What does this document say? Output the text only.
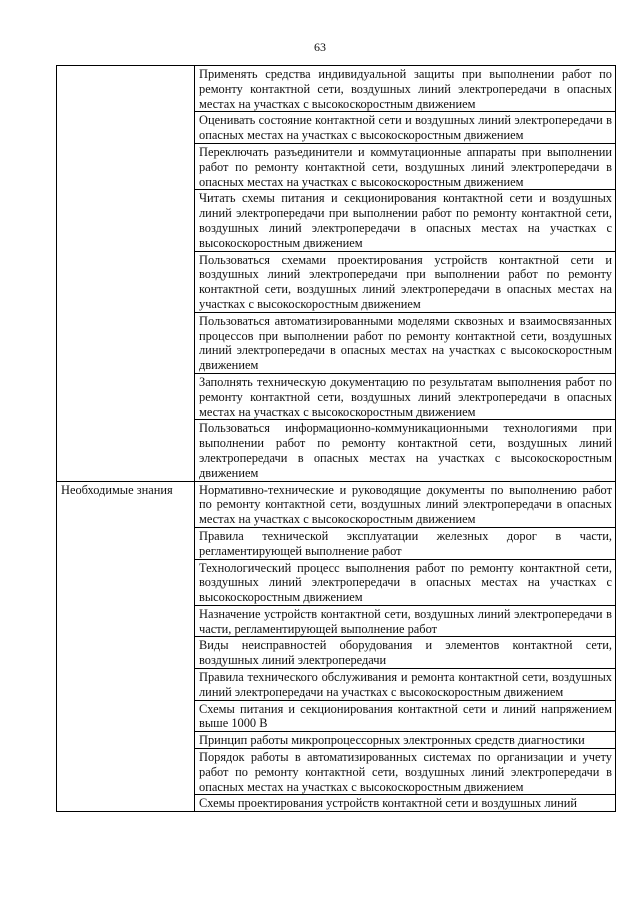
63
	Применять средства индивидуальной защиты при выполнении работ по ремонту контактной сети, воздушных линий электропередачи в опасных местах на участках с высокоскоростным движением
	Оценивать состояние контактной сети и воздушных линий электропередачи в опасных местах на участках с высокоскоростным движением
	Переключать разъединители и коммутационные аппараты при выполнении работ по ремонту контактной сети, воздушных линий электропередачи в опасных местах на участках с высокоскоростным движением
	Читать схемы питания и секционирования контактной сети и воздушных линий электропередачи при выполнении работ по ремонту контактной сети, воздушных линий электропередачи в опасных местах на участках с высокоскоростным движением
	Пользоваться схемами проектирования устройств контактной сети и воздушных линий электропередачи при выполнении работ по ремонту контактной сети, воздушных линий электропередачи в опасных местах на участках с высокоскоростным движением
	Пользоваться автоматизированными моделями сквозных и взаимосвязанных процессов при выполнении работ по ремонту контактной сети, воздушных линий электропередачи в опасных местах на участках с высокоскоростным движением
	Заполнять техническую документацию по результатам выполнения работ по ремонту контактной сети, воздушных линий электропередачи в опасных местах на участках с высокоскоростным движением
	Пользоваться информационно-коммуникационными технологиями при выполнении работ по ремонту контактной сети, воздушных линий электропередачи в опасных местах на участках с высокоскоростным движением
Необходимые знания	Нормативно-технические и руководящие документы по выполнению работ по ремонту контактной сети, воздушных линий электропередачи в опасных местах на участках с высокоскоростным движением
	Правила технической эксплуатации железных дорог в части, регламентирующей выполнение работ
	Технологический процесс выполнения работ по ремонту контактной сети, воздушных линий электропередачи в опасных местах на участках с высокоскоростным движением
	Назначение устройств контактной сети, воздушных линий электропередачи в части, регламентирующей выполнение работ
	Виды неисправностей оборудования и элементов контактной сети, воздушных линий электропередачи
	Правила технического обслуживания и ремонта контактной сети, воздушных линий электропередачи на участках с высокоскоростным движением
	Схемы питания и секционирования контактной сети и линий напряжением выше 1000 В
	Принцип работы микропроцессорных электронных средств диагностики
	Порядок работы в автоматизированных системах по организации и учету работ по ремонту контактной сети, воздушных линий электропередачи в опасных местах на участках с высокоскоростным движением
	Схемы проектирования устройств контактной сети и воздушных линий
